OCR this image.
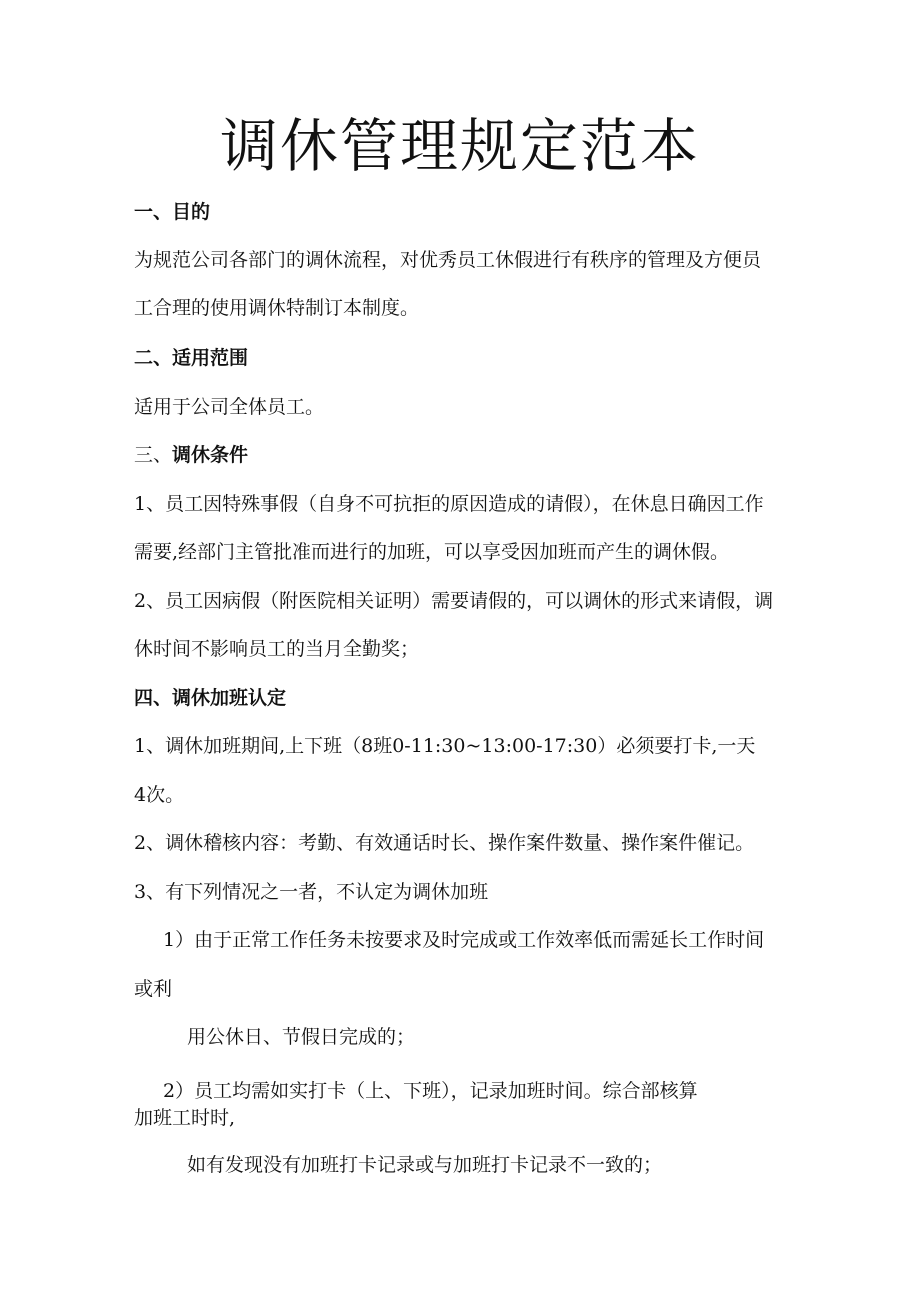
调休管理规定范本
一、目的
为规范公司各部门的调休流程，对优秀员工休假进行有秩序的管理及方便员
工合理的使用调休特制订本制度。
二、适用范围
适用于公司全体员工。
三、调休条件
1、员工因特殊事假（自身不可抗拒的原因造成的请假），在休息日确因工作
需要,经部门主管批准而进行的加班，可以享受因加班而产生的调休假。
2、员工因病假（附医院相关证明）需要请假的，可以调休的形式来请假，调
休时间不影响员工的当月全勤奖；
四、调休加班认定
1、调休加班期间,上下班（8班0-11:30~13:00-17:30）必须要打卡,一天
4次。
2、调休稽核内容：考勤、有效通话时长、操作案件数量、操作案件催记。
3、有下列情况之一者，不认定为调休加班
1）由于正常工作任务未按要求及时完成或工作效率低而需延长工作时间
或利
用公休日、节假日完成的；
2）员工均需如实打卡（上、下班），记录加班时间。综合部核算
加班工时时,
如有发现没有加班打卡记录或与加班打卡记录不一致的；
